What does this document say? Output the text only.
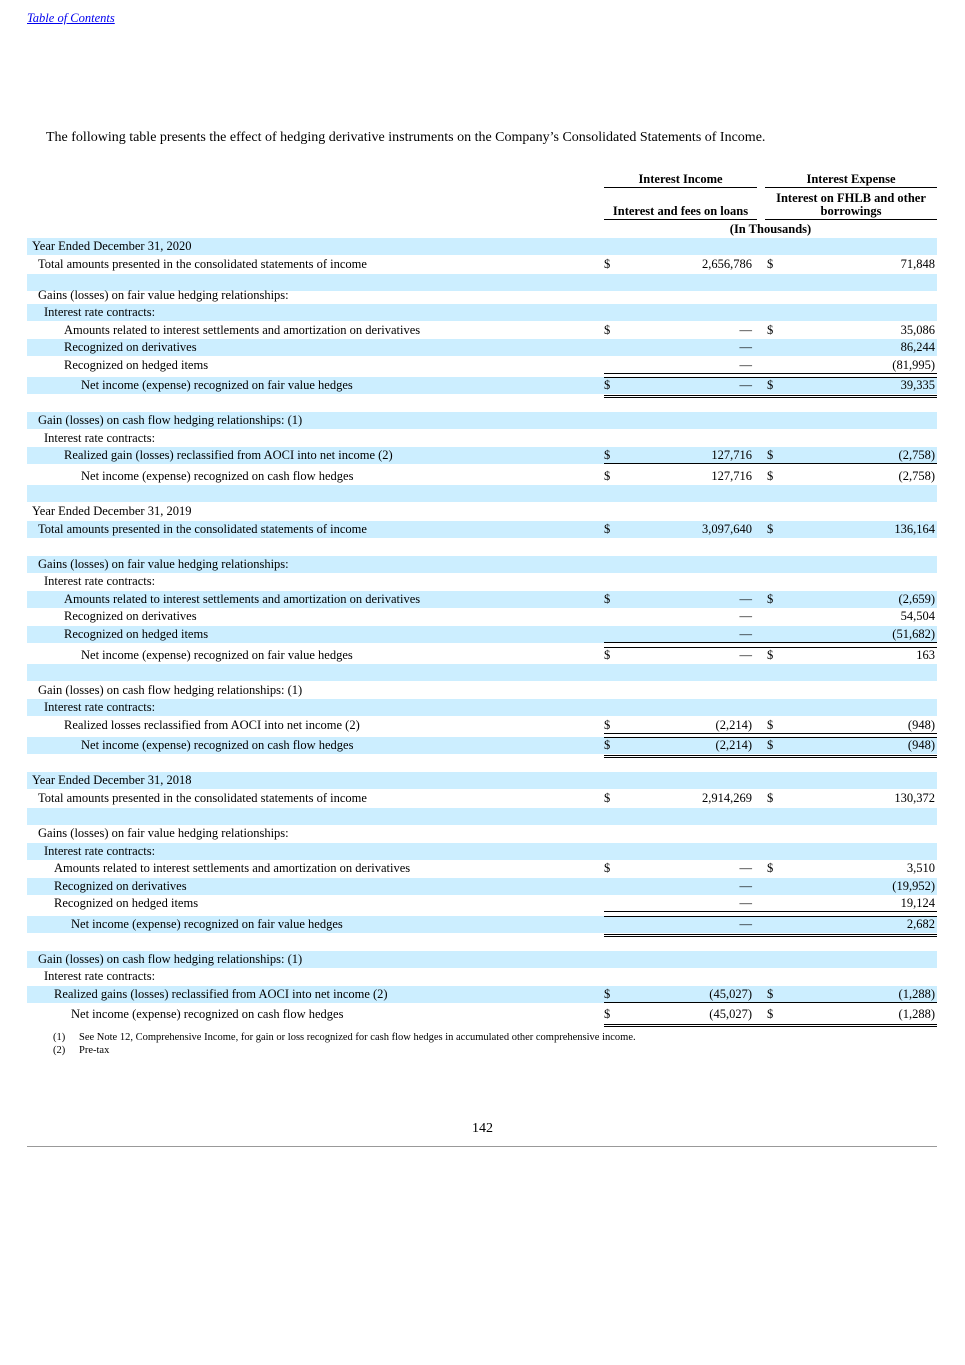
Table of Contents
The following table presents the effect of hedging derivative instruments on the Company’s Consolidated Statements of Income.
Interest Income	Interest Expense
Interest and fees on loans
Interest on FHLB and other borrowings
(In Thousands)
Year Ended December 31, 2020
Total amounts presented in the consolidated statements of income	$	2,656,786 $	71,848
Gains (losses) on fair value hedging relationships:
Interest rate contracts:
Amounts related to interest settlements and amortization on derivatives	$	— $	35,086
Recognized on derivatives	—	86,244
Recognized on hedged items	—	(81,995)
Net income (expense) recognized on fair value hedges	$	— $	39,335
Gain (losses) on cash flow hedging relationships: (1)
Interest rate contracts:
Realized gain (losses) reclassified from AOCI into net income (2)	$	127,716 $	(2,758)
Net income (expense) recognized on cash flow hedges	$	127,716 $	(2,758)
Year Ended December 31, 2019
Total amounts presented in the consolidated statements of income	$	3,097,640 $	136,164
Gains (losses) on fair value hedging relationships:
Interest rate contracts:
Amounts related to interest settlements and amortization on derivatives	$	— $	(2,659)
Recognized on derivatives	—	54,504
Recognized on hedged items	—	(51,682)
Net income (expense) recognized on fair value hedges	$	— $	163
Gain (losses) on cash flow hedging relationships: (1)
Interest rate contracts:
Realized losses reclassified from AOCI into net income (2)	$	(2,214) $	(948)
Net income (expense) recognized on cash flow hedges	$	(2,214) $	(948)
Year Ended December 31, 2018
Total amounts presented in the consolidated statements of income	$	2,914,269 $	130,372
Gains (losses) on fair value hedging relationships:
Interest rate contracts:
Amounts related to interest settlements and amortization on derivatives	$	— $	3,510
Recognized on derivatives	—	(19,952)
Recognized on hedged items	—	19,124
Net income (expense) recognized on fair value hedges	—	2,682
Gain (losses) on cash flow hedging relationships: (1)
Interest rate contracts:
Realized gains (losses) reclassified from AOCI into net income (2)	$	(45,027) $	(1,288)
Net income (expense) recognized on cash flow hedges	$	(45,027) $	(1,288)
(1) See Note 12, Comprehensive Income, for gain or loss recognized for cash flow hedges in accumulated other comprehensive income.
(2) Pre-tax
142
